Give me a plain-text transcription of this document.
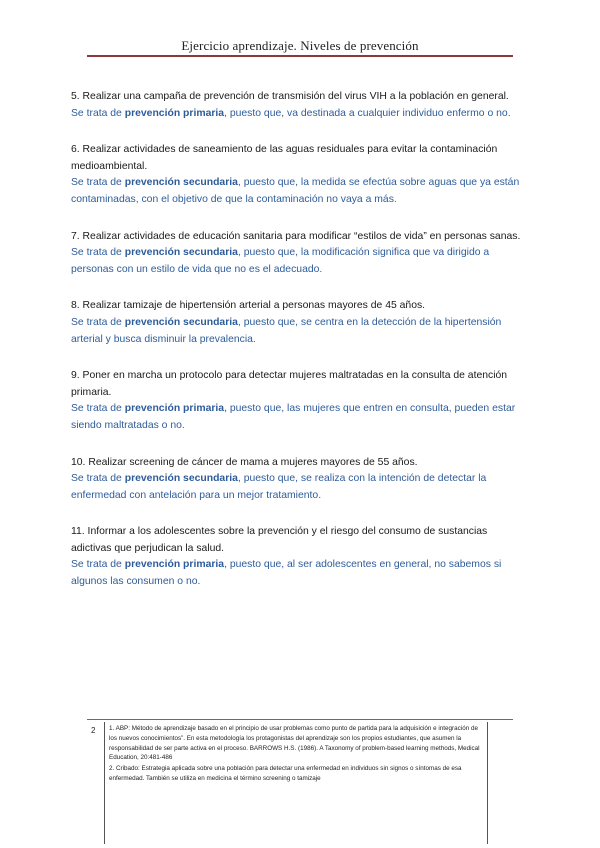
Ejercicio aprendizaje. Niveles de prevención

5. Realizar una campaña de prevención de transmisión del virus VIH a la población en general.

Se trata de prevención primaria, puesto que, va destinada a cualquier individuo enfermo o no.

6. Realizar actividades de saneamiento de las aguas residuales para evitar la contaminación medioambiental.

Se trata de prevención secundaria, puesto que, la medida se efectúa sobre aguas que ya están contaminadas, con el objetivo de que la contaminación no vaya a más.

7. Realizar actividades de educación sanitaria para modificar “estilos de vida” en personas sanas.

Se trata de prevención secundaria, puesto que, la modificación significa que va dirigido a personas con un estilo de vida que no es el adecuado.

8. Realizar tamizaje de hipertensión arterial a personas mayores de 45 años.

Se trata de prevención secundaria, puesto que, se centra en la detección de la hipertensión arterial y busca disminuir la prevalencia.

9. Poner en marcha un protocolo para detectar mujeres maltratadas en la consulta de atención primaria.

Se trata de prevención primaria, puesto que, las mujeres que entren en consulta, pueden estar siendo maltratadas o no.

10. Realizar screening de cáncer de mama a mujeres mayores de 55 años.

Se trata de prevención secundaria, puesto que, se realiza con la intención de detectar la enfermedad con antelación para un mejor tratamiento.

11. Informar a los adolescentes sobre la prevención y el riesgo del consumo de sustancias adictivas que perjudican la salud.

Se trata de prevención primaria, puesto que, al ser adolescentes en general, no sabemos si algunos las consumen o no.

2 1. ABP: Método de aprendizaje basado en el principio de usar problemas como punto de partida para la adquisición e integración de los nuevos conocimientos”. En esta metodología los protagonistas del aprendizaje son los propios estudiantes, que asumen la responsabilidad de ser parte activa en el proceso. BARROWS H.S. (1986). A Taxonomy of problem-based learning methods, Medical Education, 20:481-486

2. Cribado: Estrategia aplicada sobre una población para detectar una enfermedad en individuos sin signos o síntomas de esa enfermedad. También se utiliza en medicina el término screening o tamizaje
